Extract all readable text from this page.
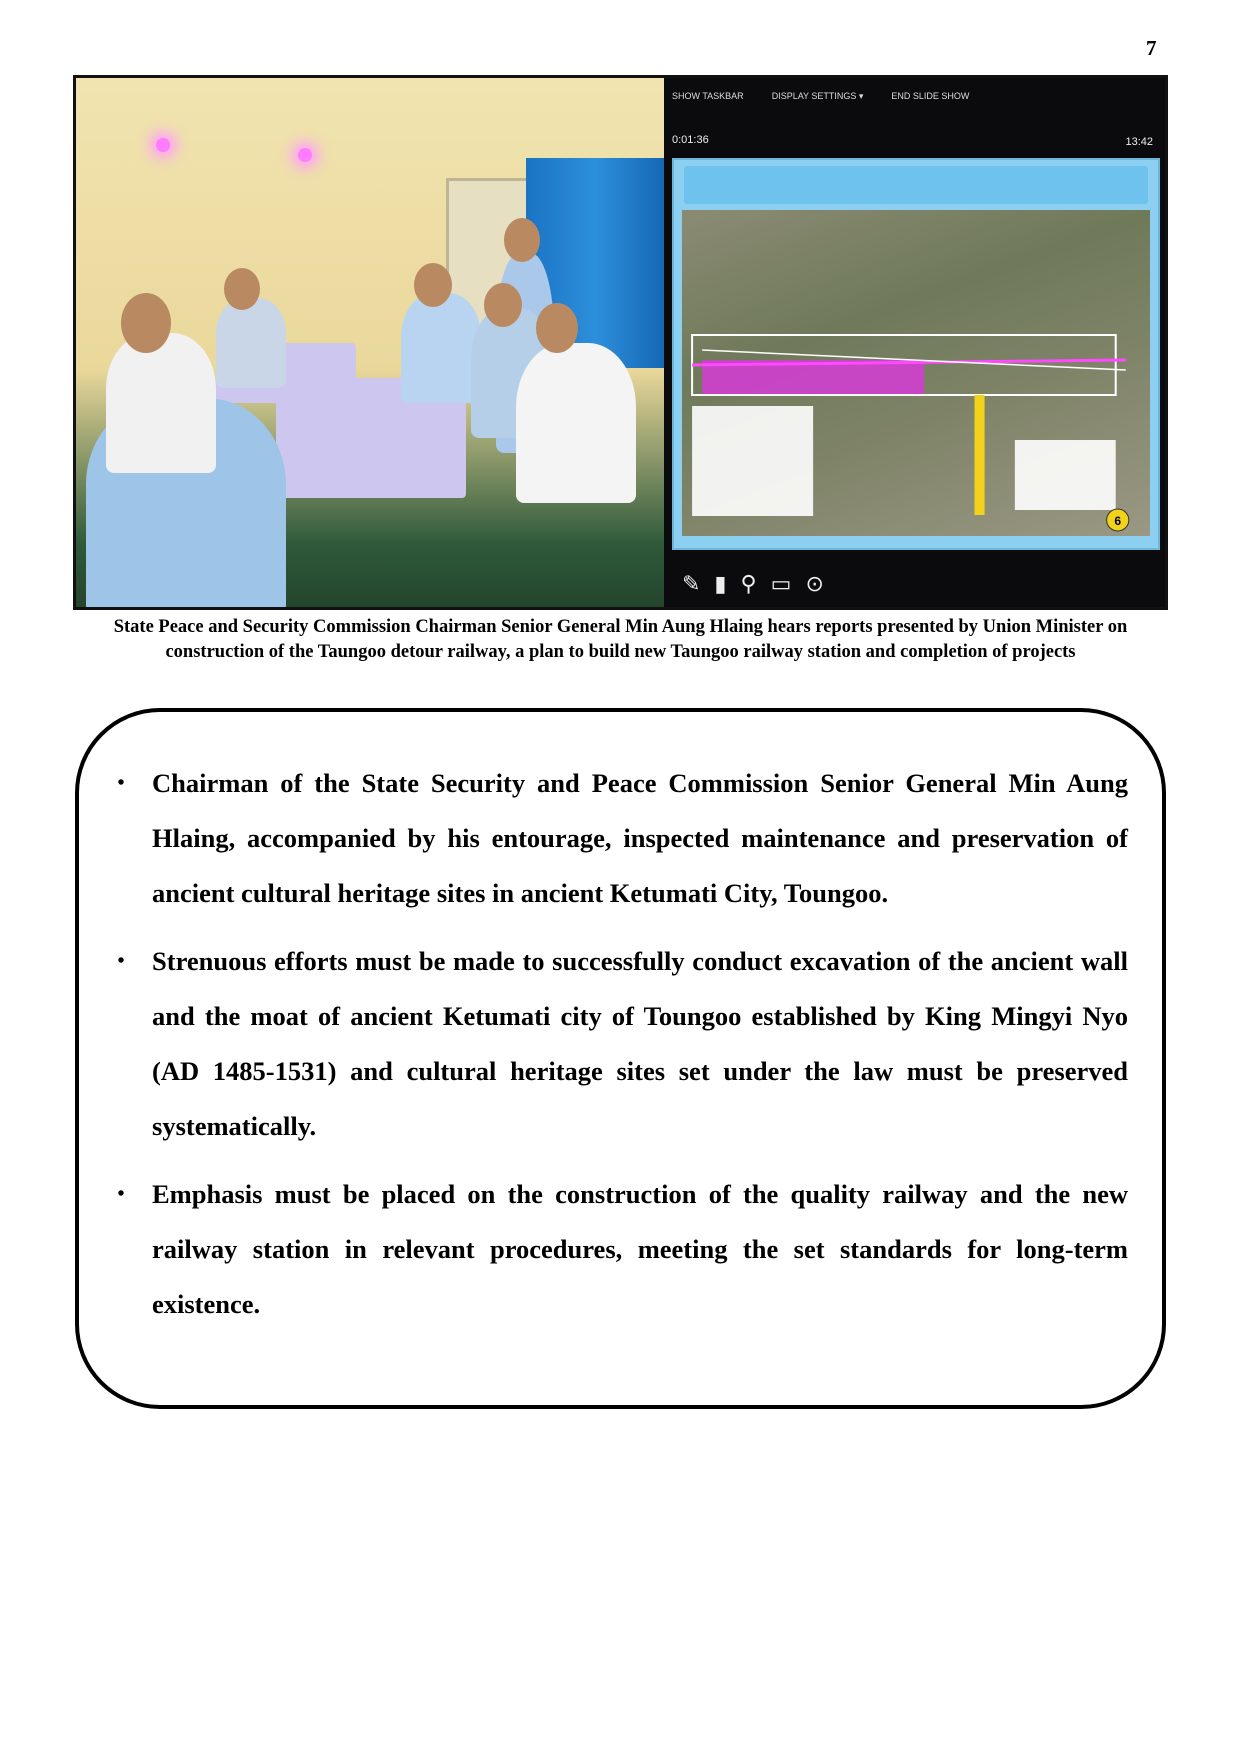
7
SHOW TASKBAR	DISPLAY SETTINGS ▾	END SLIDE SHOW
0:01:36	13:42
6
✎▮⚲▭⊙
State Peace and Security Commission Chairman Senior General Min Aung Hlaing hears reports presented by Union Minister on construction of the Taungoo detour railway, a plan to build new Taungoo railway station and completion of projects
• Chairman of the State Security and Peace Commission Senior General Min Aung Hlaing, accompanied by his entourage, inspected maintenance and preservation of ancient cultural heritage sites in ancient Ketumati City, Toungoo.
• Strenuous efforts must be made to successfully conduct excavation of the ancient wall and the moat of ancient Ketumati city of Toungoo established by King Mingyi Nyo (AD 1485-1531) and cultural heritage sites set under the law must be preserved systematically.
• Emphasis must be placed on the construction of the quality railway and the new railway station in relevant procedures, meeting the set standards for long-term existence.
